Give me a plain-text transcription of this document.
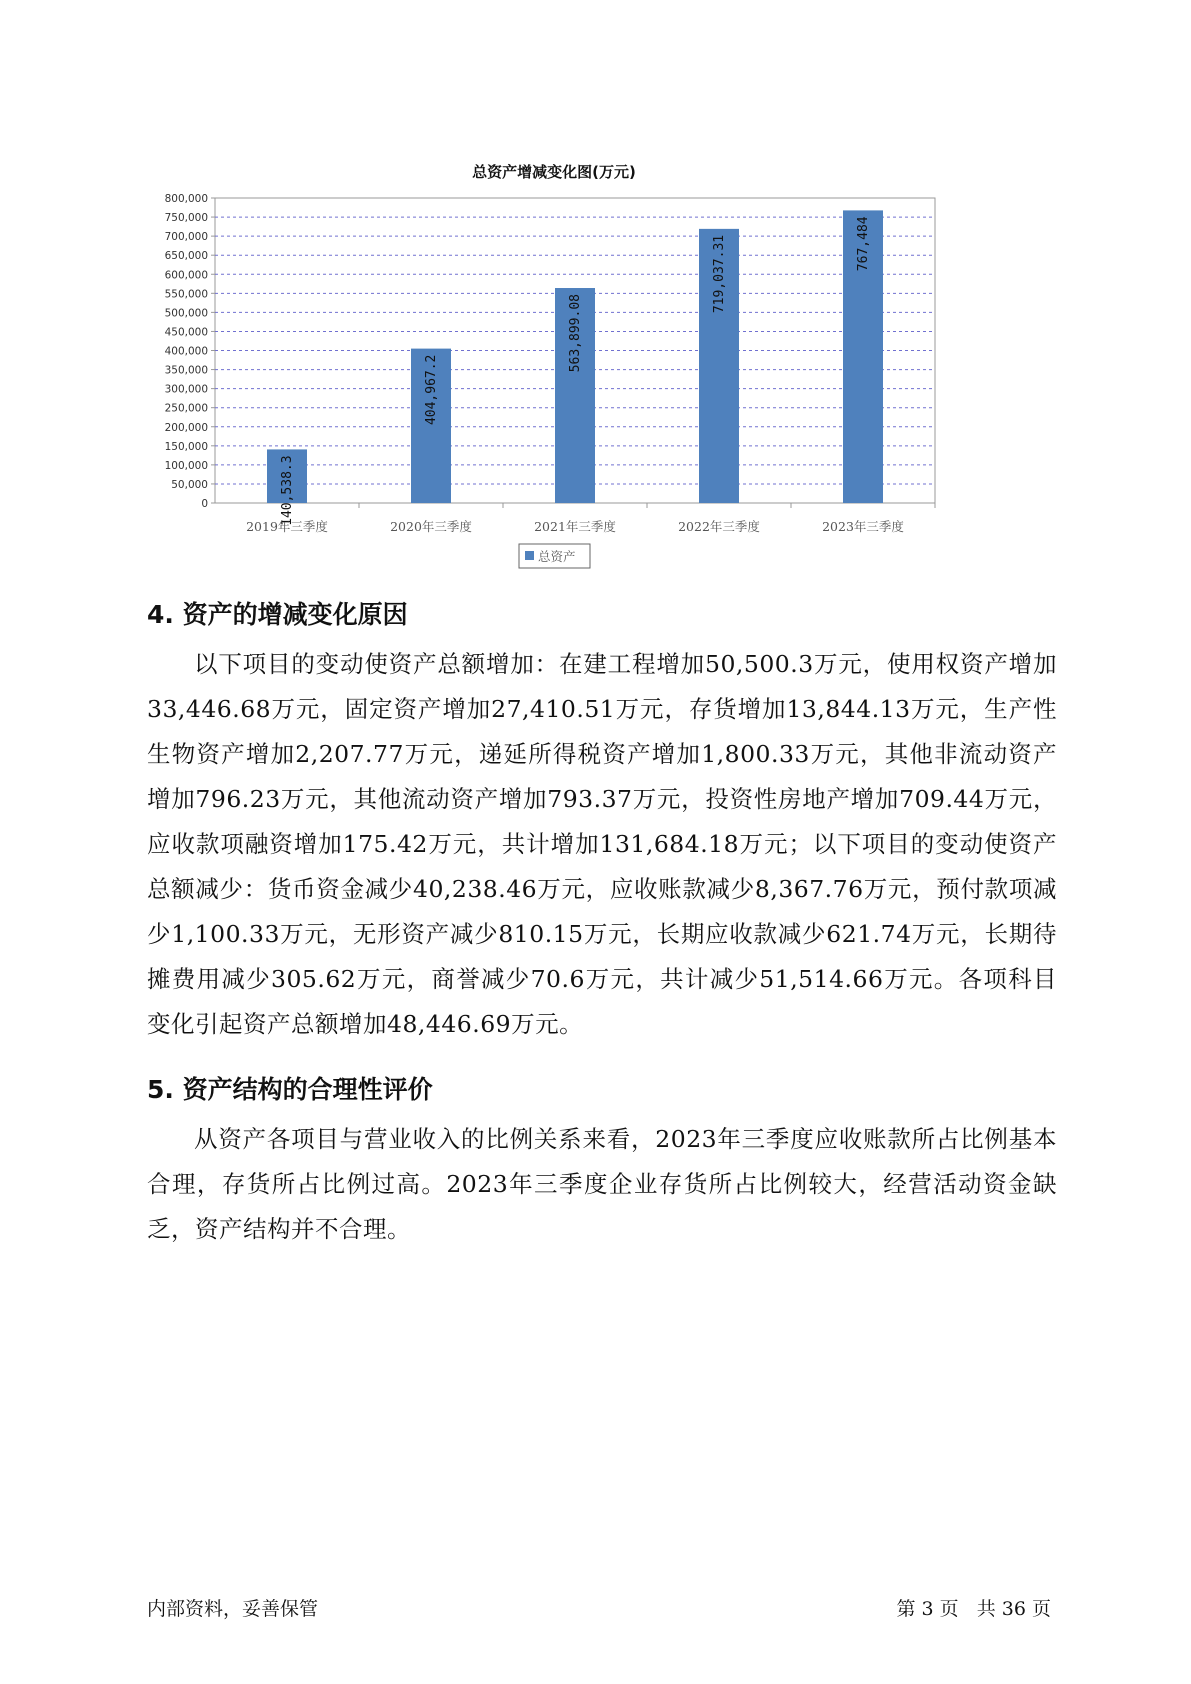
总资产增减变化图(万元)
0
50,000
100,000
150,000
200,000
250,000
300,000
350,000
400,000
450,000
500,000
550,000
600,000
650,000
700,000
750,000
800,000
140,538.3
404,967.2
563,899.08
719,037.31	767,484
2019年三季度	2020年三季度	2021年三季度	2022年三季度	2023年三季度
总资产
4. 资产的增减变化原因

以下项目的变动使资产总额增加：在建工程增加50,500.3万元，使用权资产增加33,446.68万元，固定资产增加27,410.51万元，存货增加13,844.13万元，生产性生物资产增加2,207.77万元，递延所得税资产增加1,800.33万元，其他非流动资产增加796.23万元，其他流动资产增加793.37万元，投资性房地产增加709.44万元，应收款项融资增加175.42万元，共计增加131,684.18万元；以下项目的变动使资产总额减少：货币资金减少40,238.46万元，应收账款减少8,367.76万元，预付款项减少1,100.33万元，无形资产减少810.15万元，长期应收款减少621.74万元，长期待摊费用减少305.62万元，商誉减少70.6万元，共计减少51,514.66万元。各项科目变化引起资产总额增加48,446.69万元。

5. 资产结构的合理性评价

从资产各项目与营业收入的比例关系来看，2023年三季度应收账款所占比例基本合理，存货所占比例过高。2023年三季度企业存货所占比例较大，经营活动资金缺乏，资产结构并不合理。

内部资料，妥善保管	第 3 页   共 36 页
